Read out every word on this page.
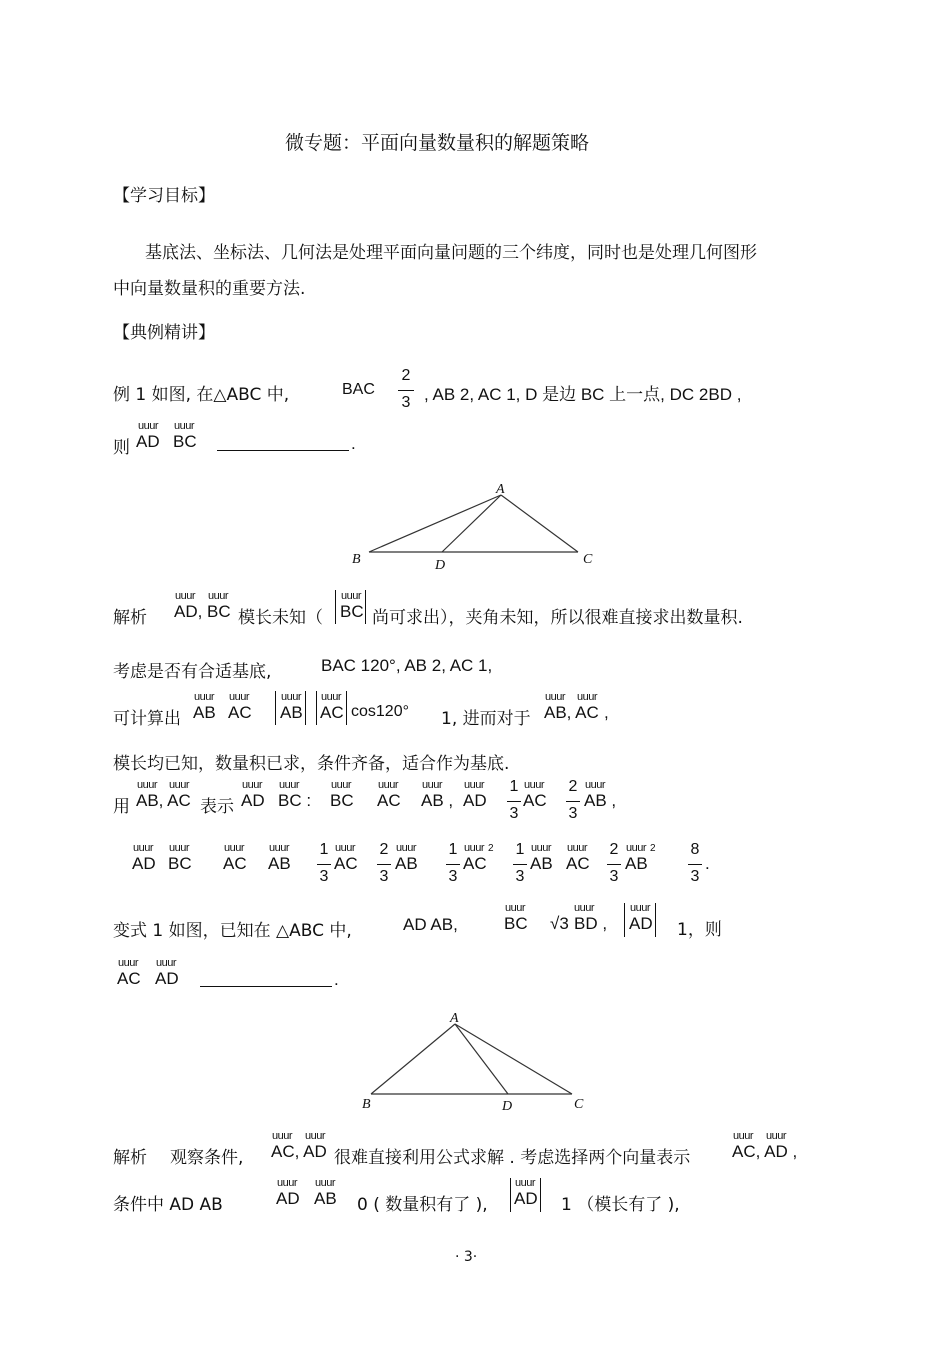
微专题：平面向量数量积的解题策略
【学习目标】
基底法、坐标法、几何法是处理平面向量问题的三个纬度，同时也是处理几何图形
中向量数量积的重要方法.
【典例精讲】
例 1 如图, 在△ABC 中,	BAC
2
3 , AB 2, AC 1, D 是边 BC 上一点, DC 2BD ,
则
uuur
AD
uuur
BC	.
A
B	C
D
解析
uuur uuur
AD, BC 模长未知（
uuur
BC 尚可求出），夹角未知，所以很难直接求出数量积.
考虑是否有合适基底,	BAC 120°, AB 2, AC 1,
可计算出
uuur
AB
uuur
AC
uuur
AB
uuur
AC cos120° 1, 进而对于
uuur uuur
AB, AC ,
模长均已知，数量积已求，条件齐备，适合作为基底.
用
uuur uuur
AB, AC 表示
uuur
AD
uuur
BC :
uuur
BC
uuur
AC
uuur
AB ,
uuur
AD
1
3
uuur
AC
2
3
uuur
AB ,
uuur
AD
uuur
BC
uuur
AC
uuur
AB
1
3
uuur
AC
2
3
uuur
AB
1
3
uuur 2
AC
1
3
uuur
AB
uuur
AC
2
3
uuur 2
AB
8
3
.
变式 1 如图，已知在 △ABC 中,	AD AB,
uuur
BC √3
uuur
BD ,
uuur
AD 1，则
uuur
AC
uuur
AD	.
A
B	C
D
解析 观察条件,
uuur uuur
AC, AD 很难直接利用公式求解 . 考虑选择两个向量表示
uuur uuur
AC, AD ,
条件中 AD AB
uuur
AD
uuur
AB 0 ( 数量积有了 ),
uuur
AD 1 （模长有了 ),
· 3·
